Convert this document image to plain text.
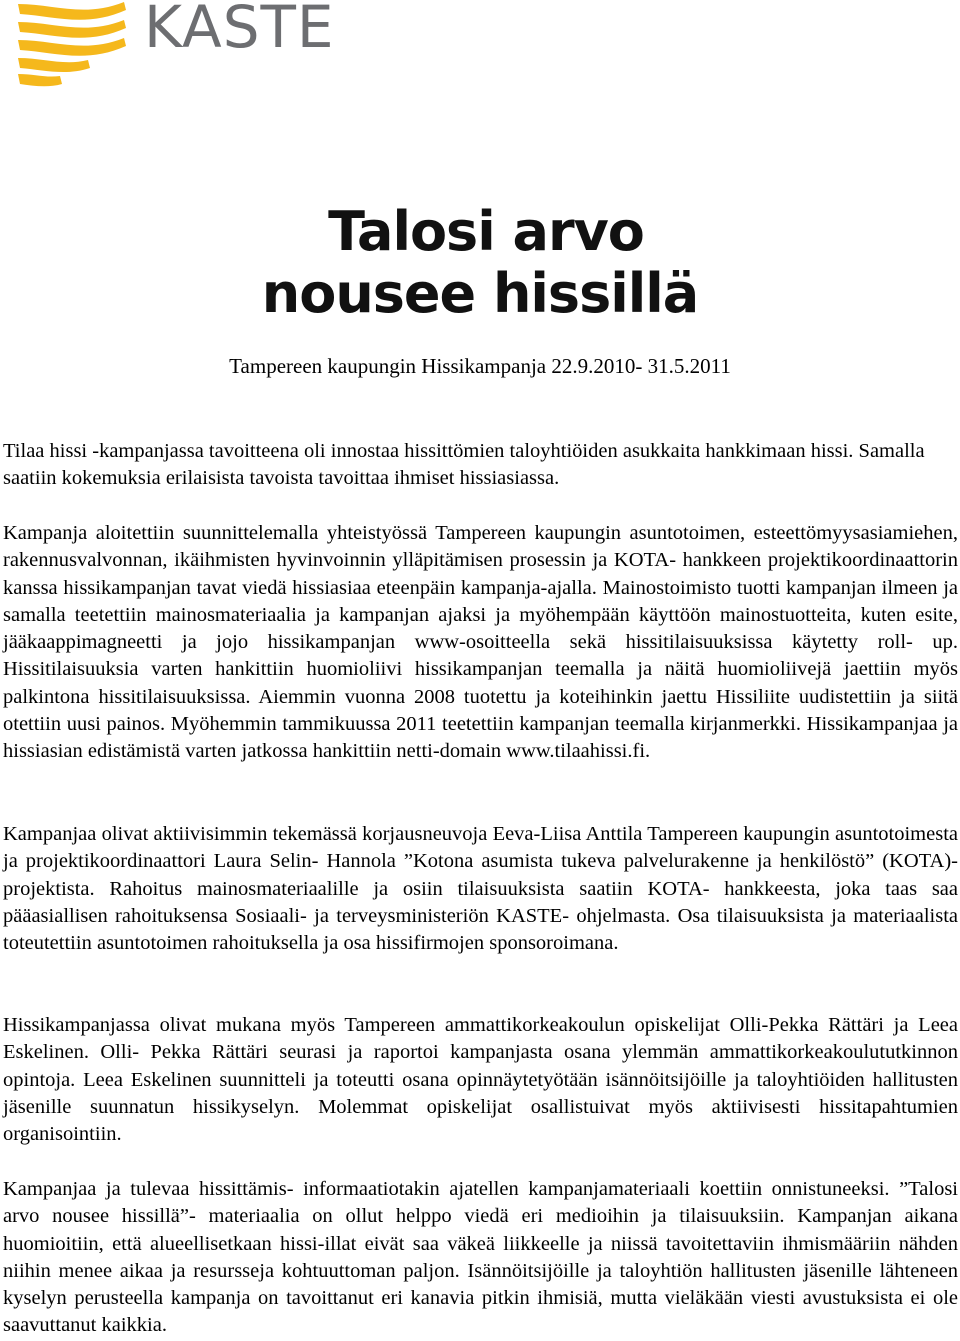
KASTE
Talosi arvo
nousee hissillä
Tampereen kaupungin Hissikampanja 22.9.2010- 31.5.2011

Tilaa hissi -kampanjassa tavoitteena oli innostaa hissittömien taloyhtiöiden asukkaita hankkimaan hissi. Samalla saatiin kokemuksia erilaisista tavoista tavoittaa ihmiset hissiasiassa.

Kampanja aloitettiin suunnittelemalla yhteistyössä Tampereen kaupungin asuntotoimen, esteettömyysasiamiehen, rakennusvalvonnan, ikäihmisten hyvinvoinnin ylläpitämisen prosessin ja KOTA- hankkeen projektikoordinaattorin kanssa hissikampanjan tavat viedä hissiasiaa eteenpäin kampanja-ajalla. Mainostoimisto tuotti kampanjan ilmeen ja samalla teetettiin mainosmateriaalia ja kampanjan ajaksi ja myöhempään käyttöön mainostuotteita, kuten esite, jääkaappimagneetti ja jojo hissikampanjan www-osoitteella sekä hissitilaisuuksissa käytetty roll- up. Hissitilaisuuksia varten hankittiin huomioliivi hissikampanjan teemalla ja näitä huomioliivejä jaettiin myös palkintona hissitilaisuuksissa. Aiemmin vuonna 2008 tuotettu ja koteihinkin jaettu Hissiliite uudistettiin ja siitä otettiin uusi painos. Myöhemmin tammikuussa 2011 teetettiin kampanjan teemalla kirjanmerkki. Hissikampanjaa ja hissiasian edistämistä varten jatkossa hankittiin netti-domain www.tilaahissi.fi.

Kampanjaa olivat aktiivisimmin tekemässä korjausneuvoja Eeva-Liisa Anttila Tampereen kaupungin asuntotoimesta ja projektikoordinaattori Laura Selin- Hannola ”Kotona asumista tukeva palvelurakenne ja henkilöstö” (KOTA)- projektista. Rahoitus mainosmateriaalille ja osiin tilaisuuksista saatiin KOTA- hankkeesta, joka taas saa pääasiallisen rahoituksensa Sosiaali- ja terveysministeriön KASTE- ohjelmasta. Osa tilaisuuksista ja materiaalista toteutettiin asuntotoimen rahoituksella ja osa hissifirmojen sponsoroimana.

Hissikampanjassa olivat mukana myös Tampereen ammattikorkeakoulun opiskelijat Olli-Pekka Rättäri ja Leea Eskelinen. Olli- Pekka Rättäri seurasi ja raportoi kampanjasta osana ylemmän ammattikorkeakoulututkinnon opintoja. Leea Eskelinen suunnitteli ja toteutti osana opinnäytetyötään isännöitsijöille ja taloyhtiöiden hallitusten jäsenille suunnatun hissikyselyn. Molemmat opiskelijat osallistuivat myös aktiivisesti hissitapahtumien organisointiin.

Kampanjaa ja tulevaa hissittämis- informaatiotakin ajatellen kampanjamateriaali koettiin onnistuneeksi. ”Talosi arvo nousee hissillä”- materiaalia on ollut helppo viedä eri medioihin ja tilaisuuksiin. Kampanjan aikana huomioitiin, että alueellisetkaan hissi-illat eivät saa väkeä liikkeelle ja niissä tavoitettaviin ihmismääriin nähden niihin menee aikaa ja resursseja kohtuuttoman paljon. Isännöitsijöille ja taloyhtiön hallitusten jäsenille lähteneen kyselyn perusteella kampanja on tavoittanut eri kanavia pitkin ihmisiä, mutta vieläkään viesti avustuksista ei ole saavuttanut kaikkia.
